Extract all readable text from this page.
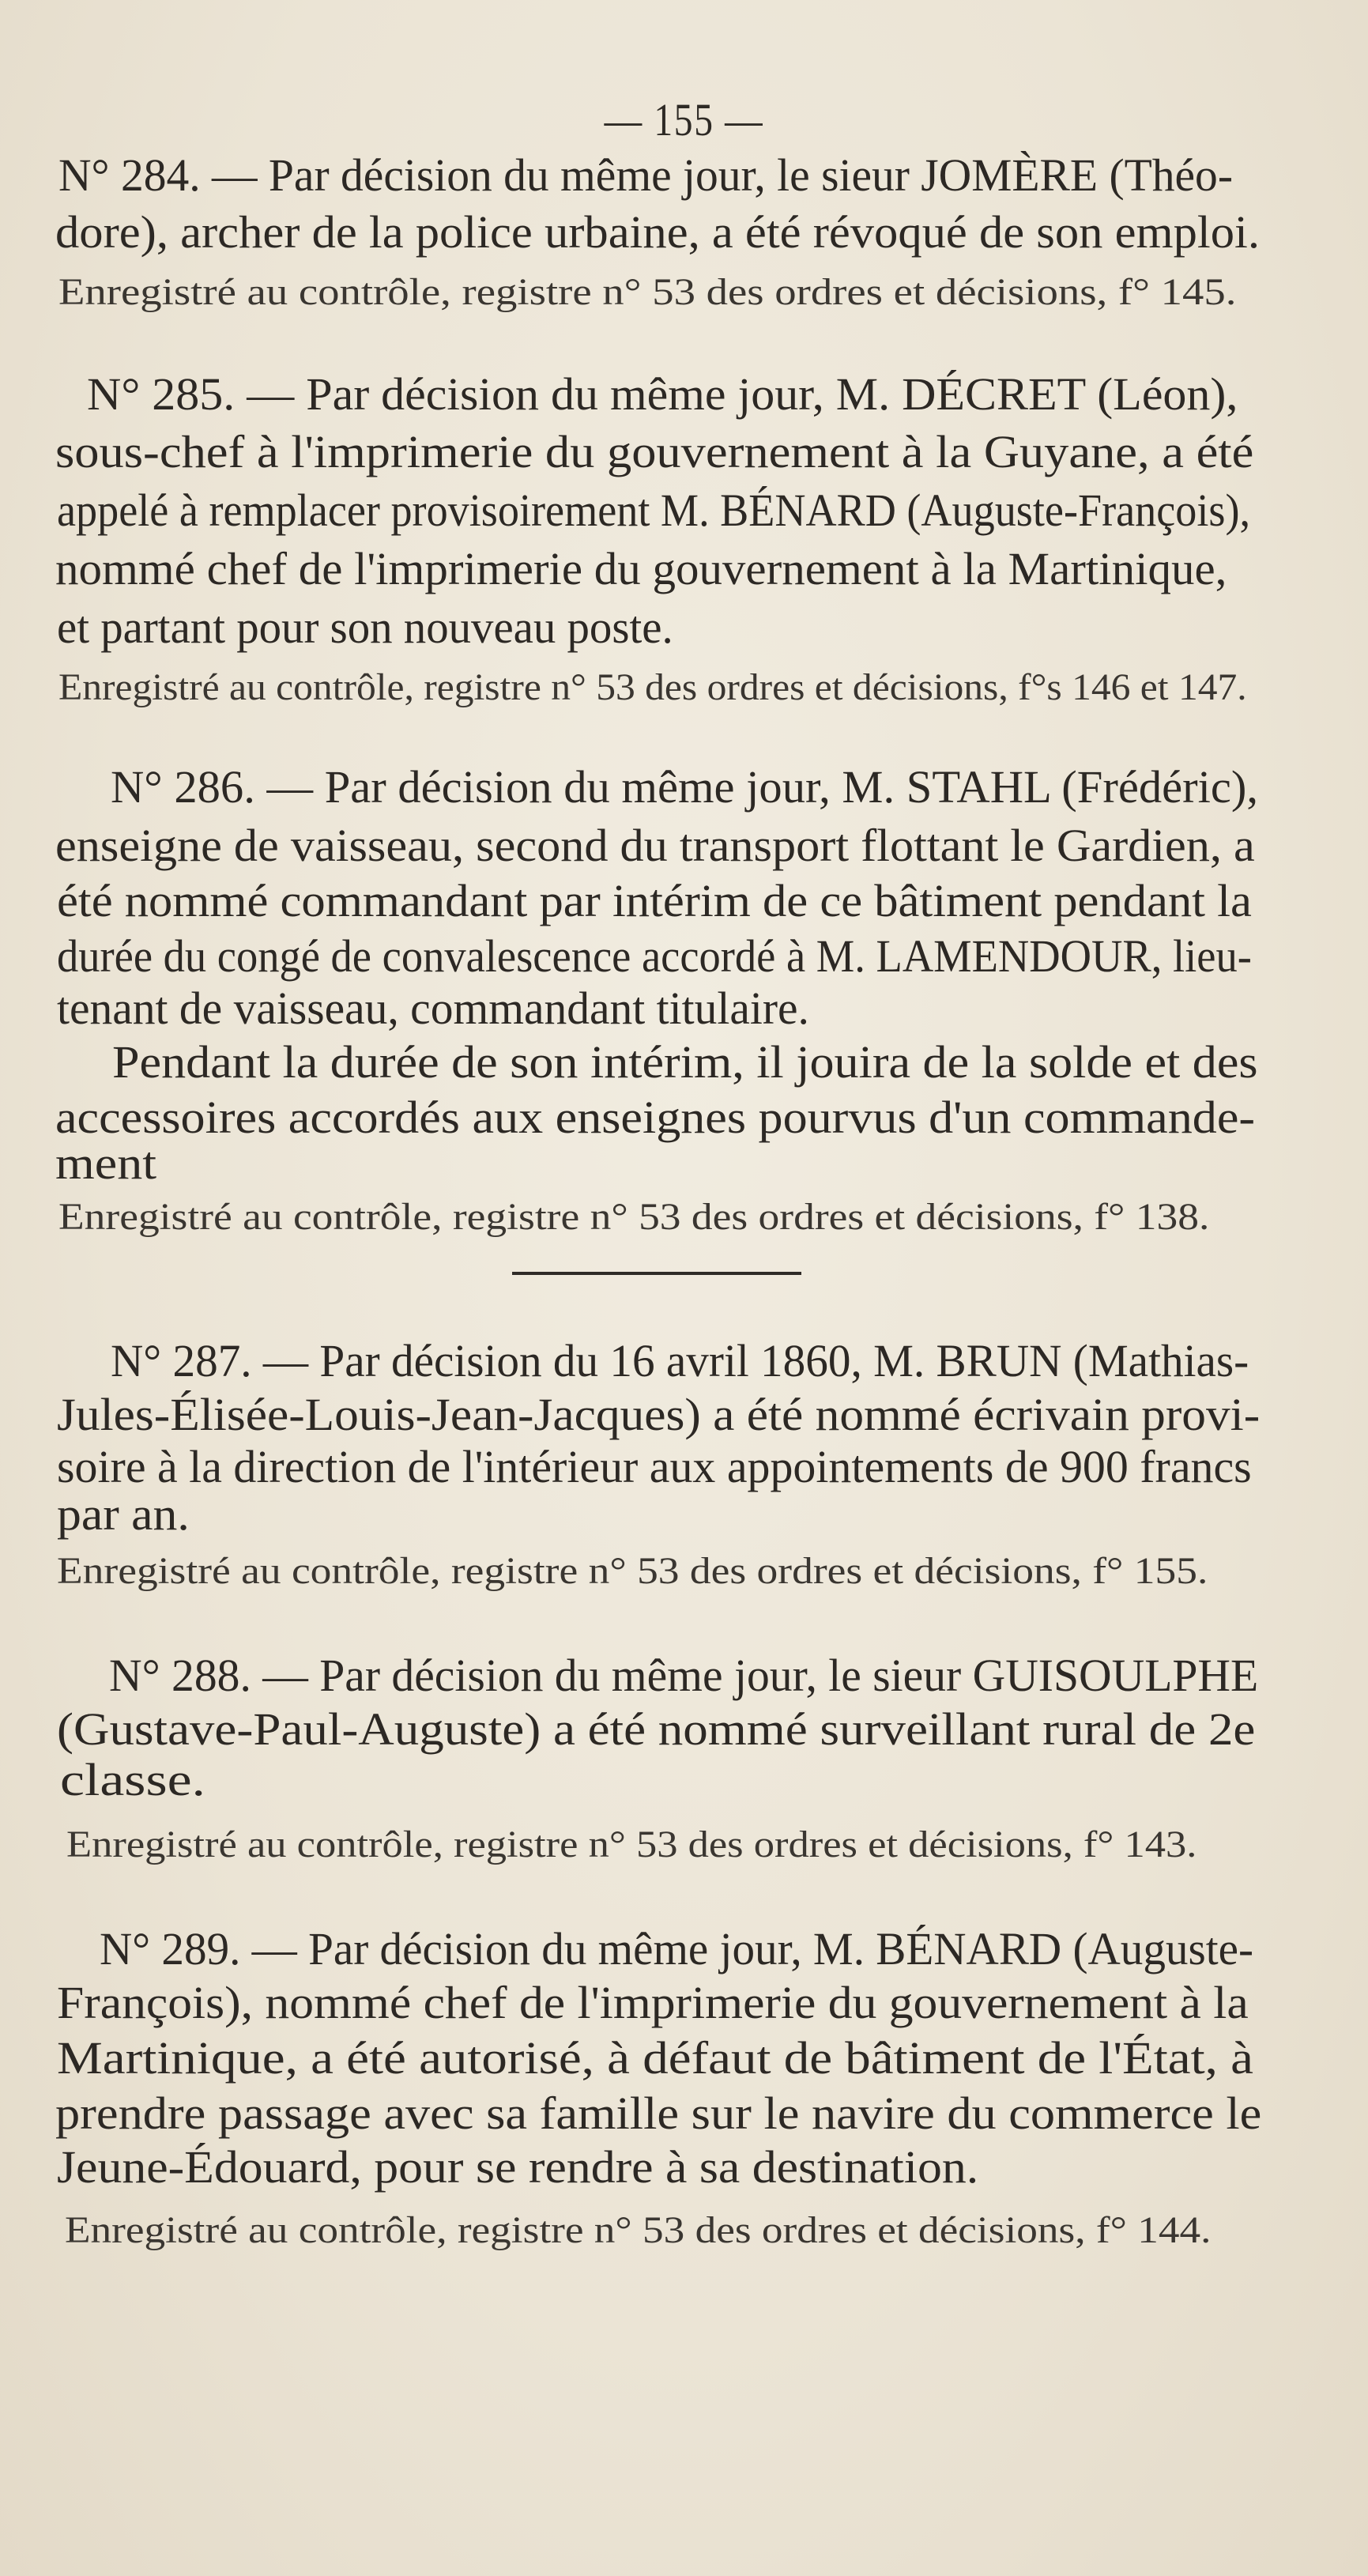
— 155 —
N° 284. — Par décision du même jour, le sieur JOMÈRE (Théo-
dore), archer de la police urbaine, a été révoqué de son emploi.
Enregistré au contrôle, registre n° 53 des ordres et décisions, f° 145.
N° 285. — Par décision du même jour, M. DÉCRET (Léon),
sous-chef à l'imprimerie du gouvernement à la Guyane, a été
appelé à remplacer provisoirement M. BÉNARD (Auguste-François),
nommé chef de l'imprimerie du gouvernement à la Martinique,
et partant pour son nouveau poste.
Enregistré au contrôle, registre n° 53 des ordres et décisions, f°s 146 et 147.
N° 286. — Par décision du même jour, M. STAHL (Frédéric),
enseigne de vaisseau, second du transport flottant le Gardien, a
été nommé commandant par intérim de ce bâtiment pendant la
durée du congé de convalescence accordé à M. LAMENDOUR, lieu-
tenant de vaisseau, commandant titulaire.
Pendant la durée de son intérim, il jouira de la solde et des
accessoires accordés aux enseignes pourvus d'un commande-
ment
Enregistré au contrôle, registre n° 53 des ordres et décisions, f° 138.
N° 287. — Par décision du 16 avril 1860, M. BRUN (Mathias-
Jules-Élisée-Louis-Jean-Jacques) a été nommé écrivain provi-
soire à la direction de l'intérieur aux appointements de 900 francs
par an.
Enregistré au contrôle, registre n° 53 des ordres et décisions, f° 155.
N° 288. — Par décision du même jour, le sieur GUISOULPHE
(Gustave-Paul-Auguste) a été nommé surveillant rural de 2e
classe.
Enregistré au contrôle, registre n° 53 des ordres et décisions, f° 143.
N° 289. — Par décision du même jour, M. BÉNARD (Auguste-
François), nommé chef de l'imprimerie du gouvernement à la
Martinique, a été autorisé, à défaut de bâtiment de l'État, à
prendre passage avec sa famille sur le navire du commerce le
Jeune-Édouard, pour se rendre à sa destination.
Enregistré au contrôle, registre n° 53 des ordres et décisions, f° 144.
